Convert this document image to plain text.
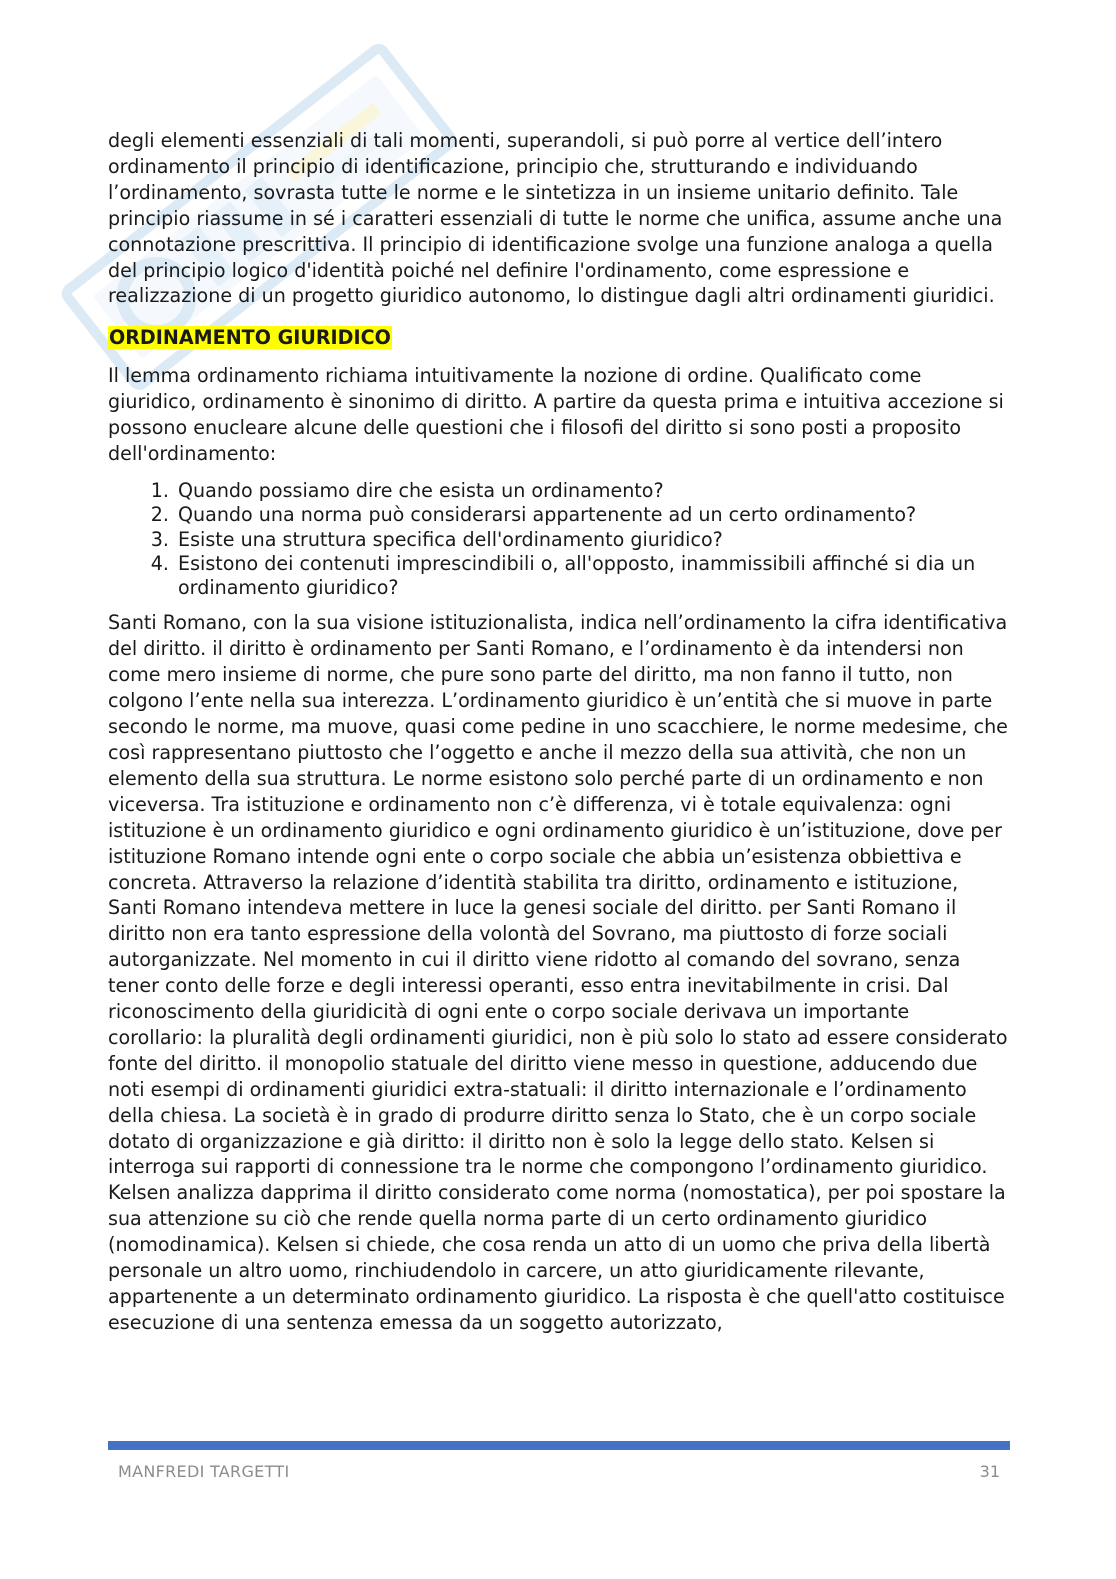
degli elementi essenziali di tali momenti, superandoli, si può porre al vertice dell’intero ordinamento il principio di identificazione, principio che, strutturando e individuando l’ordinamento, sovrasta tutte le norme e le sintetizza in un insieme unitario definito. Tale principio riassume in sé i caratteri essenziali di tutte le norme che unifica, assume anche una connotazione prescrittiva. Il principio di identificazione svolge una funzione analoga a quella del principio logico d'identità poiché nel definire l'ordinamento, come espressione e realizzazione di un progetto giuridico autonomo, lo distingue dagli altri ordinamenti giuridici.

ORDINAMENTO GIURIDICO

Il lemma ordinamento richiama intuitivamente la nozione di ordine. Qualificato come giuridico, ordinamento è sinonimo di diritto. A partire da questa prima e intuitiva accezione si possono enucleare alcune delle questioni che i filosofi del diritto si sono posti a proposito dell'ordinamento:

1. Quando possiamo dire che esista un ordinamento?
2. Quando una norma può considerarsi appartenente ad un certo ordinamento?
3. Esiste una struttura specifica dell'ordinamento giuridico?
4. Esistono dei contenuti imprescindibili o, all'opposto, inammissibili affinché si dia un ordinamento giuridico?

Santi Romano, con la sua visione istituzionalista, indica nell’ordinamento la cifra identificativa del diritto. il diritto è ordinamento per Santi Romano, e l’ordinamento è da intendersi non come mero insieme di norme, che pure sono parte del diritto, ma non fanno il tutto, non colgono l’ente nella sua interezza. L’ordinamento giuridico è un’entità che si muove in parte secondo le norme, ma muove, quasi come pedine in uno scacchiere, le norme medesime, che così rappresentano piuttosto che l’oggetto e anche il mezzo della sua attività, che non un elemento della sua struttura. Le norme esistono solo perché parte di un ordinamento e non viceversa. Tra istituzione e ordinamento non c’è differenza, vi è totale equivalenza: ogni istituzione è un ordinamento giuridico e ogni ordinamento giuridico è un’istituzione, dove per istituzione Romano intende ogni ente o corpo sociale che abbia un’esistenza obbiettiva e concreta. Attraverso la relazione d’identità stabilita tra diritto, ordinamento e istituzione, Santi Romano intendeva mettere in luce la genesi sociale del diritto. per Santi Romano il diritto non era tanto espressione della volontà del Sovrano, ma piuttosto di forze sociali autorganizzate. Nel momento in cui il diritto viene ridotto al comando del sovrano, senza tener conto delle forze e degli interessi operanti, esso entra inevitabilmente in crisi. Dal riconoscimento della giuridicità di ogni ente o corpo sociale derivava un importante corollario: la pluralità degli ordinamenti giuridici, non è più solo lo stato ad essere considerato fonte del diritto. il monopolio statuale del diritto viene messo in questione, adducendo due noti esempi di ordinamenti giuridici extra-statuali: il diritto internazionale e l’ordinamento della chiesa. La società è in grado di produrre diritto senza lo Stato, che è un corpo sociale dotato di organizzazione e già diritto: il diritto non è solo la legge dello stato. Kelsen si interroga sui rapporti di connessione tra le norme che compongono l’ordinamento giuridico. Kelsen analizza dapprima il diritto considerato come norma (nomostatica), per poi spostare la sua attenzione su ciò che rende quella norma parte di un certo ordinamento giuridico (nomodinamica). Kelsen si chiede, che cosa renda un atto di un uomo che priva della libertà personale un altro uomo, rinchiudendolo in carcere, un atto giuridicamente rilevante, appartenente a un determinato ordinamento giuridico. La risposta è che quell'atto costituisce esecuzione di una sentenza emessa da un soggetto autorizzato,

MANFREDI TARGETTI	31
